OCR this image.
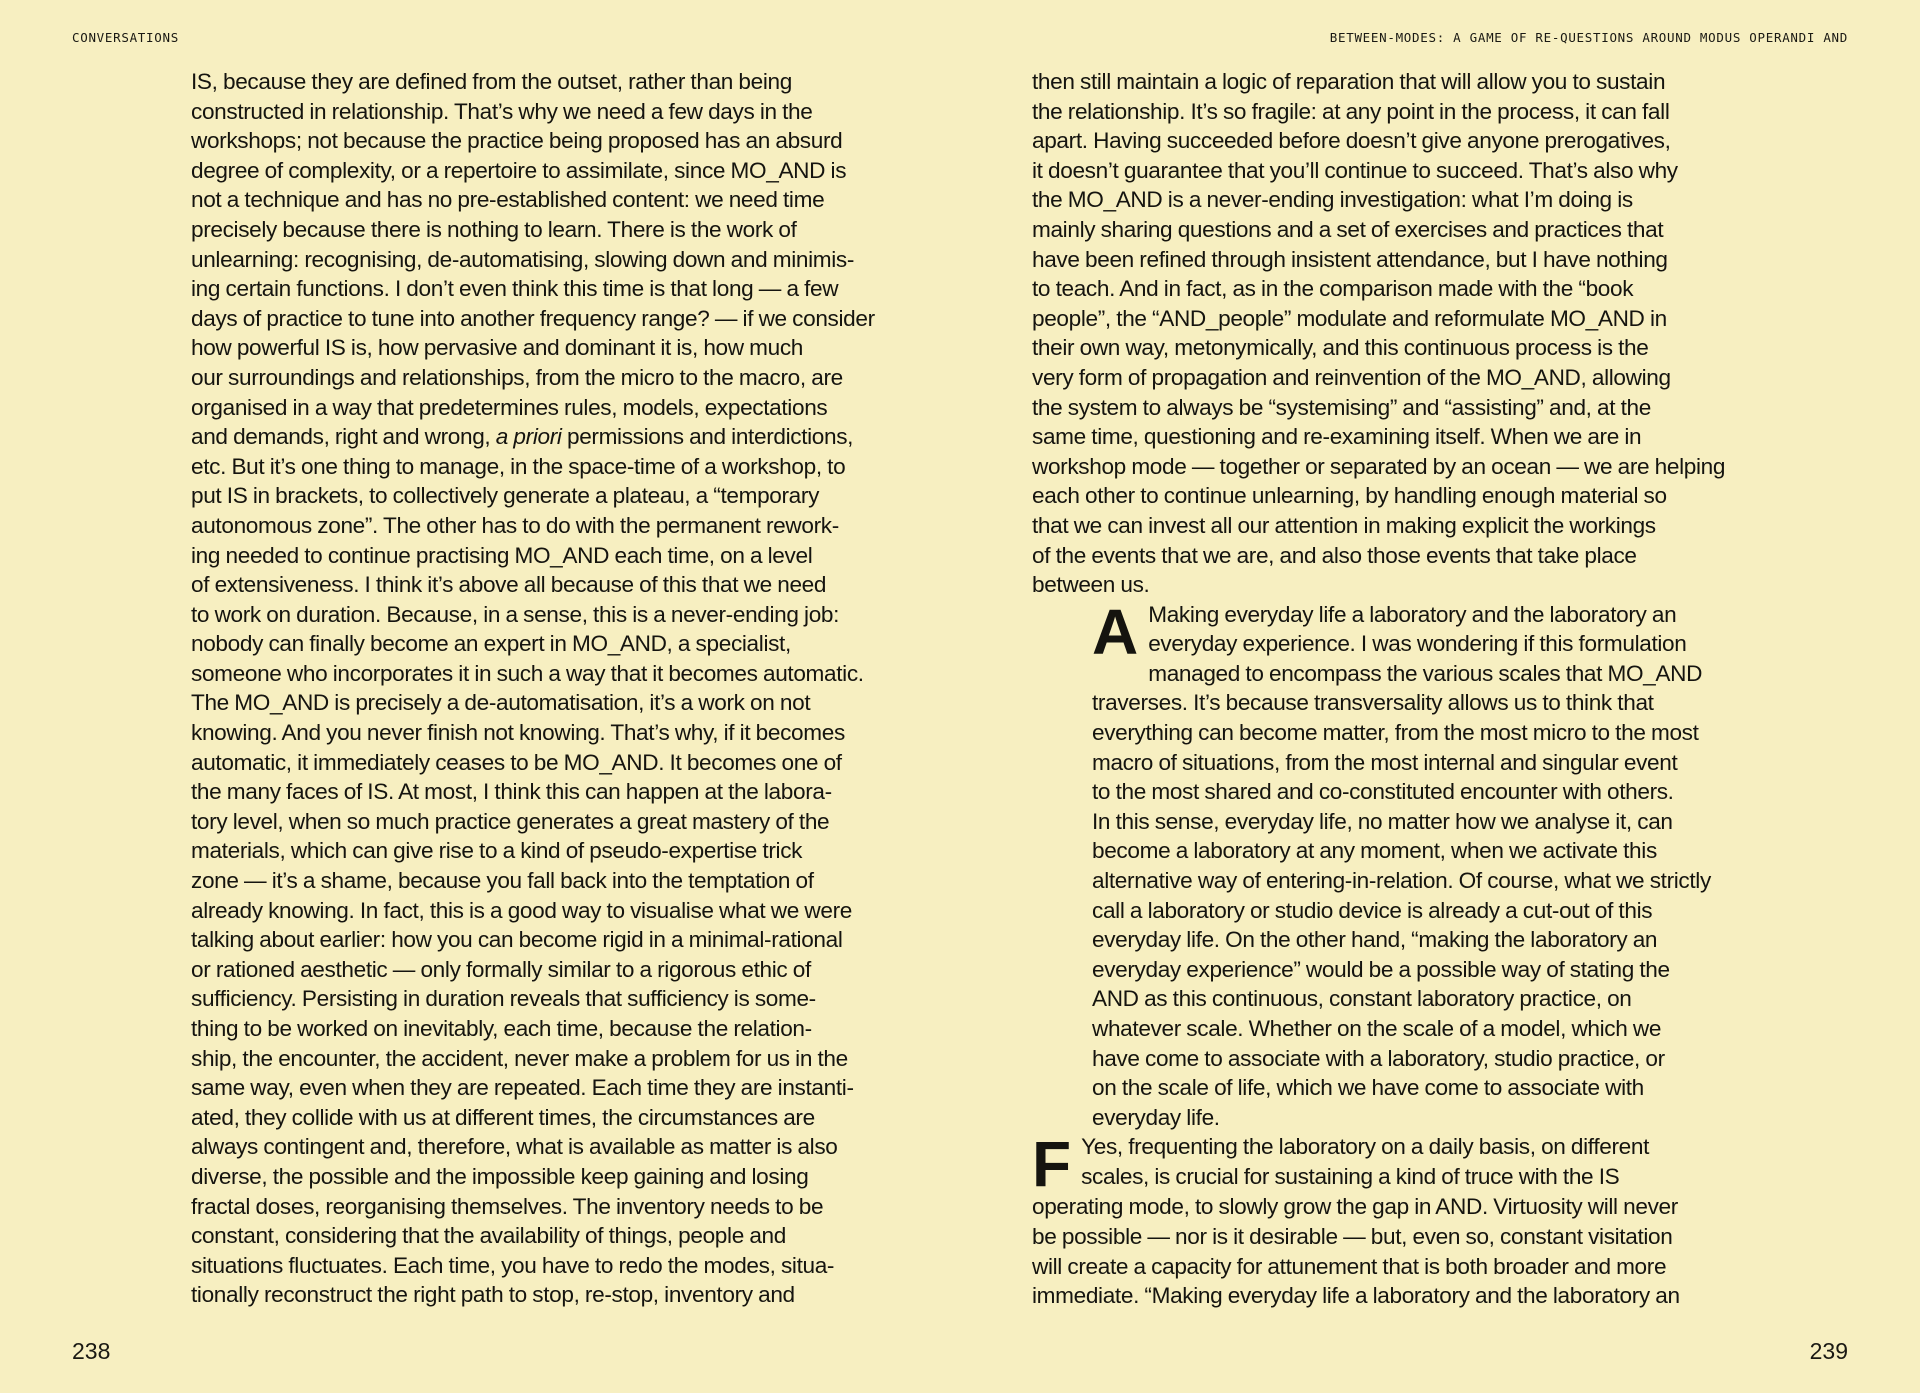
CONVERSATIONS	BETWEEN-MODES: A GAME OF RE-QUESTIONS AROUND MODUS OPERANDI AND
IS, because they are defined from the outset, rather than being
constructed in relationship. That’s why we need a few days in the
workshops; not because the practice being proposed has an absurd
degree of complexity, or a repertoire to assimilate, since MO_AND is
not a technique and has no pre-established content: we need time
precisely because there is nothing to learn. There is the work of
unlearning: recognising, de-automatising, slowing down and minimis-
ing certain functions. I don’t even think this time is that long — a few
days of practice to tune into another frequency range? — if we consider
how powerful IS is, how pervasive and dominant it is, how much
our surroundings and relationships, from the micro to the macro, are
organised in a way that predetermines rules, models, expectations
and demands, right and wrong, a priori permissions and interdictions,
etc. But it’s one thing to manage, in the space-time of a workshop, to
put IS in brackets, to collectively generate a plateau, a “temporary
autonomous zone”. The other has to do with the permanent rework-
ing needed to continue practising MO_AND each time, on a level
of extensiveness. I think it’s above all because of this that we need
to work on duration. Because, in a sense, this is a never-ending job:
nobody can finally become an expert in MO_AND, a specialist,
someone who incorporates it in such a way that it becomes automatic.
The MO_AND is precisely a de-automatisation, it’s a work on not
knowing. And you never finish not knowing. That’s why, if it becomes
automatic, it immediately ceases to be MO_AND. It becomes one of
the many faces of IS. At most, I think this can happen at the labora-
tory level, when so much practice generates a great mastery of the
materials, which can give rise to a kind of pseudo-expertise trick
zone — it’s a shame, because you fall back into the temptation of
already knowing. In fact, this is a good way to visualise what we were
talking about earlier: how you can become rigid in a minimal-rational
or rationed aesthetic — only formally similar to a rigorous ethic of
sufficiency. Persisting in duration reveals that sufficiency is some-
thing to be worked on inevitably, each time, because the relation-
ship, the encounter, the accident, never make a problem for us in the
same way, even when they are repeated. Each time they are instanti-
ated, they collide with us at different times, the circumstances are
always contingent and, therefore, what is available as matter is also
diverse, the possible and the impossible keep gaining and losing
fractal doses, reorganising themselves. The inventory needs to be
constant, considering that the availability of things, people and
situations fluctuates. Each time, you have to redo the modes, situa-
tionally reconstruct the right path to stop, re-stop, inventory and
then still maintain a logic of reparation that will allow you to sustain
the relationship. It’s so fragile: at any point in the process, it can fall
apart. Having succeeded before doesn’t give anyone prerogatives,
it doesn’t guarantee that you’ll continue to succeed. That’s also why
the MO_AND is a never-ending investigation: what I’m doing is
mainly sharing questions and a set of exercises and practices that
have been refined through insistent attendance, but I have nothing
to teach. And in fact, as in the comparison made with the “book
people”, the “AND_people” modulate and reformulate MO_AND in
their own way, metonymically, and this continuous process is the
very form of propagation and reinvention of the MO_AND, allowing
the system to always be “systemising” and “assisting” and, at the
same time, questioning and re-examining itself. When we are in
workshop mode — together or separated by an ocean — we are helping
each other to continue unlearning, by handling enough material so
that we can invest all our attention in making explicit the workings
of the events that we are, and also those events that take place
between us.
A Making everyday life a laboratory and the laboratory an
everyday experience. I was wondering if this formulation
managed to encompass the various scales that MO_AND
traverses. It’s because transversality allows us to think that
everything can become matter, from the most micro to the most
macro of situations, from the most internal and singular event
to the most shared and co-constituted encounter with others.
In this sense, everyday life, no matter how we analyse it, can
become a laboratory at any moment, when we activate this
alternative way of entering-in-relation. Of course, what we strictly
call a laboratory or studio device is already a cut-out of this
everyday life. On the other hand, “making the laboratory an
everyday experience” would be a possible way of stating the
AND as this continuous, constant laboratory practice, on
whatever scale. Whether on the scale of a model, which we
have come to associate with a laboratory, studio practice, or
on the scale of life, which we have come to associate with
everyday life.
F Yes, frequenting the laboratory on a daily basis, on different
scales, is crucial for sustaining a kind of truce with the IS
operating mode, to slowly grow the gap in AND. Virtuosity will never
be possible — nor is it desirable — but, even so, constant visitation
will create a capacity for attunement that is both broader and more
immediate. “Making everyday life a laboratory and the laboratory an
238	239
